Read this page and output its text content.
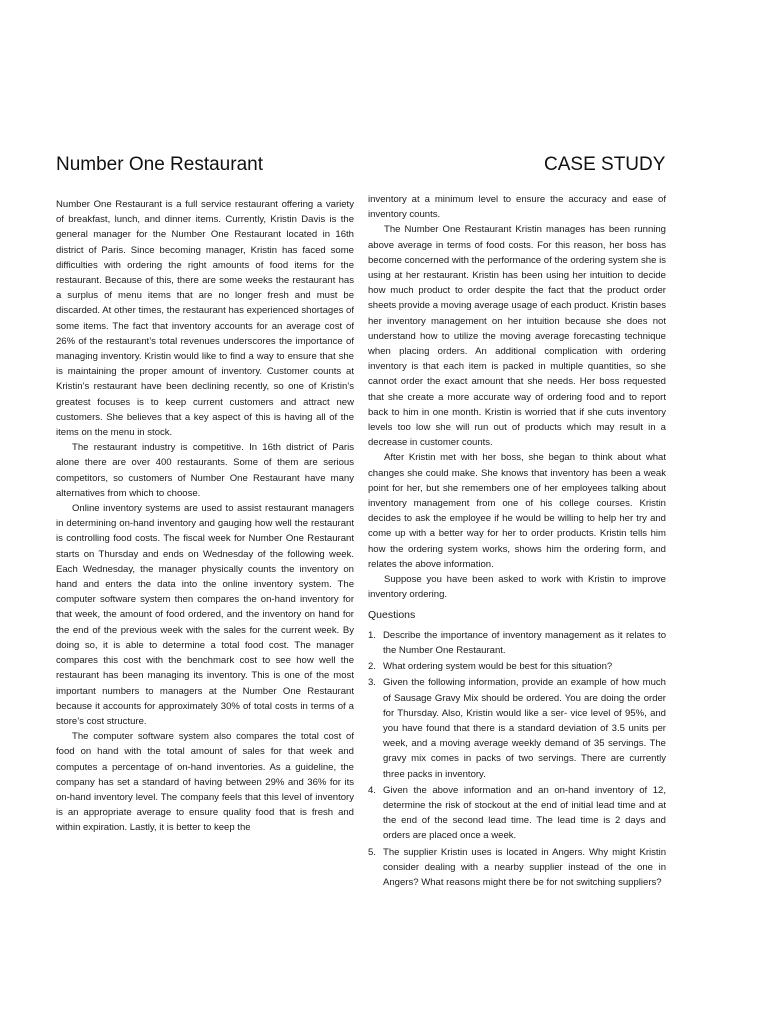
Number One Restaurant	CASE STUDY

Number One Restaurant is a full service restaurant offering a variety of breakfast, lunch, and dinner items. Currently, Kristin Davis is the general manager for the Number One Restaurant located in 16th district of Paris. Since becoming manager, Kristin has faced some difficulties with ordering the right amounts of food items for the restaurant. Because of this, there are some weeks the restaurant has a surplus of menu items that are no longer fresh and must be discarded. At other times, the restaurant has experienced shortages of some items. The fact that inventory accounts for an average cost of 26% of the restaurant’s total revenues underscores the importance of managing inventory. Kristin would like to find a way to ensure that she is maintaining the proper amount of inventory. Customer counts at Kristin’s restaurant have been declining recently, so one of Kristin’s greatest focuses is to keep current customers and attract new customers. She believes that a key aspect of this is having all of the items on the menu in stock.

The restaurant industry is competitive. In 16th district of Paris alone there are over 400 restaurants. Some of them are serious competitors, so customers of Number One Restaurant have many alternatives from which to choose.

Online inventory systems are used to assist restaurant managers in determining on-hand inventory and gauging how well the restaurant is controlling food costs. The fiscal week for Number One Restaurant starts on Thursday and ends on Wednesday of the following week. Each Wednesday, the manager physically counts the inventory on hand and enters the data into the online inventory system. The computer software system then compares the on-hand inventory for that week, the amount of food ordered, and the inventory on hand for the end of the previous week with the sales for the current week. By doing so, it is able to determine a total food cost. The manager compares this cost with the benchmark cost to see how well the restaurant has been managing its inventory. This is one of the most important numbers to managers at the Number One Restaurant because it accounts for approximately 30% of total costs in terms of a store’s cost structure.

The computer software system also compares the total cost of food on hand with the total amount of sales for that week and computes a percentage of on-hand inventories. As a guideline, the company has set a standard of having between 29% and 36% for its on-hand inventory level. The company feels that this level of inventory is an appropriate average to ensure quality food that is fresh and within expiration. Lastly, it is better to keep the

inventory at a minimum level to ensure the accuracy and ease of inventory counts.

The Number One Restaurant Kristin manages has been running above average in terms of food costs. For this reason, her boss has become concerned with the performance of the ordering system she is using at her restaurant. Kristin has been using her intuition to decide how much product to order despite the fact that the product order sheets provide a moving average usage of each product. Kristin bases her inventory management on her intuition because she does not understand how to utilize the moving average forecasting technique when placing orders. An additional complication with ordering inventory is that each item is packed in multiple quantities, so she cannot order the exact amount that she needs. Her boss requested that she create a more accurate way of ordering food and to report back to him in one month. Kristin is worried that if she cuts inventory levels too low she will run out of products which may result in a decrease in customer counts.

After Kristin met with her boss, she began to think about what changes she could make. She knows that inventory has been a weak point for her, but she remembers one of her employees talking about inventory management from one of his college courses. Kristin decides to ask the employee if he would be willing to help her try and come up with a better way for her to order products. Kristin tells him how the ordering system works, shows him the ordering form, and relates the above information.

Suppose you have been asked to work with Kristin to improve inventory ordering.

Questions
1. Describe the importance of inventory management as it relates to the Number One Restaurant.
2. What ordering system would be best for this situation?
3. Given the following information, provide an example of how much of Sausage Gravy Mix should be ordered. You are doing the order for Thursday. Also, Kristin would like a ser- vice level of 95%, and you have found that there is a standard deviation of 3.5 units per week, and a moving average weekly demand of 35 servings. The gravy mix comes in packs of two servings. There are currently three packs in inventory.
4. Given the above information and an on-hand inventory of 12, determine the risk of stockout at the end of initial lead time and at the end of the second lead time. The lead time is 2 days and orders are placed once a week.
5. The supplier Kristin uses is located in Angers. Why might Kristin consider dealing with a nearby supplier instead of the one in Angers? What reasons might there be for not switching suppliers?
